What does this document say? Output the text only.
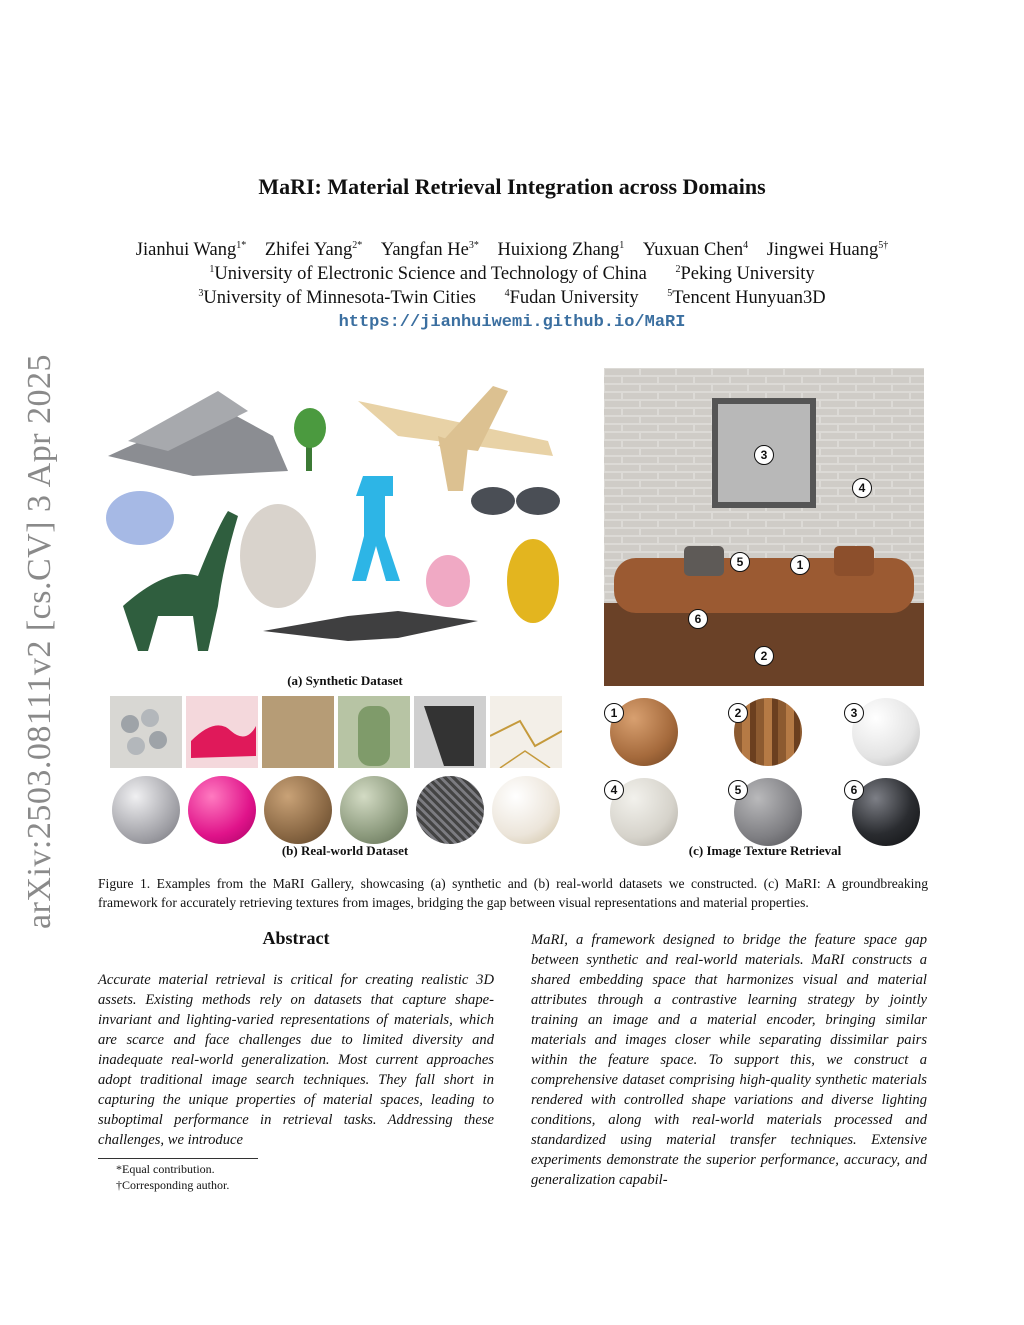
arXiv:2503.08111v2 [cs.CV] 3 Apr 2025
MaRI: Material Retrieval Integration across Domains
Jianhui Wang$^{1*}$ Zhifei Yang$^{2*}$ Yangfan $He^{3*}$ Huixiong Zhang$^1$ Yuxuan Chen$^4$ Jingwei Huang$^{5\dagger}$
$^1$University of Electronic Science and Technology of China	$^2$Peking University
$^3$University of Minnesota-Twin Cities	$^4$Fudan University	$^5$Tencent Hunyuan3D
https://jianhuiwemi.github.io/MaRI
(a) Synthetic Dataset
(b) Real-world Dataset
3
4
5	1
6
2
1	2	3
4	5	6
(c) Image Texture Retrieval
Figure 1. Examples from the MaRI Gallery, showcasing (a) synthetic and (b) real-world datasets we constructed. (c) MaRI: A groundbreaking framework for accurately retrieving textures from images, bridging the gap between visual representations and material properties.
Abstract
Accurate material retrieval is critical for creating realistic 3D assets. Existing methods rely on datasets that capture shape-invariant and lighting-varied representations of materials, which are scarce and face challenges due to limited diversity and inadequate real-world generalization. Most current approaches adopt traditional image search techniques. They fall short in capturing the unique properties of material spaces, leading to suboptimal performance in retrieval tasks. Addressing these challenges, we introduce
MaRI, a framework designed to bridge the feature space gap between synthetic and real-world materials. MaRI constructs a shared embedding space that harmonizes visual and material attributes through a contrastive learning strategy by jointly training an image and a material encoder, bringing similar materials and images closer while separating dissimilar pairs within the feature space. To support this, we construct a comprehensive dataset comprising high-quality synthetic materials rendered with controlled shape variations and diverse lighting conditions, along with real-world materials processed and standardized using material transfer techniques. Extensive experiments demonstrate the superior performance, accuracy, and generalization capabil-
*Equal contribution.
†Corresponding author.
